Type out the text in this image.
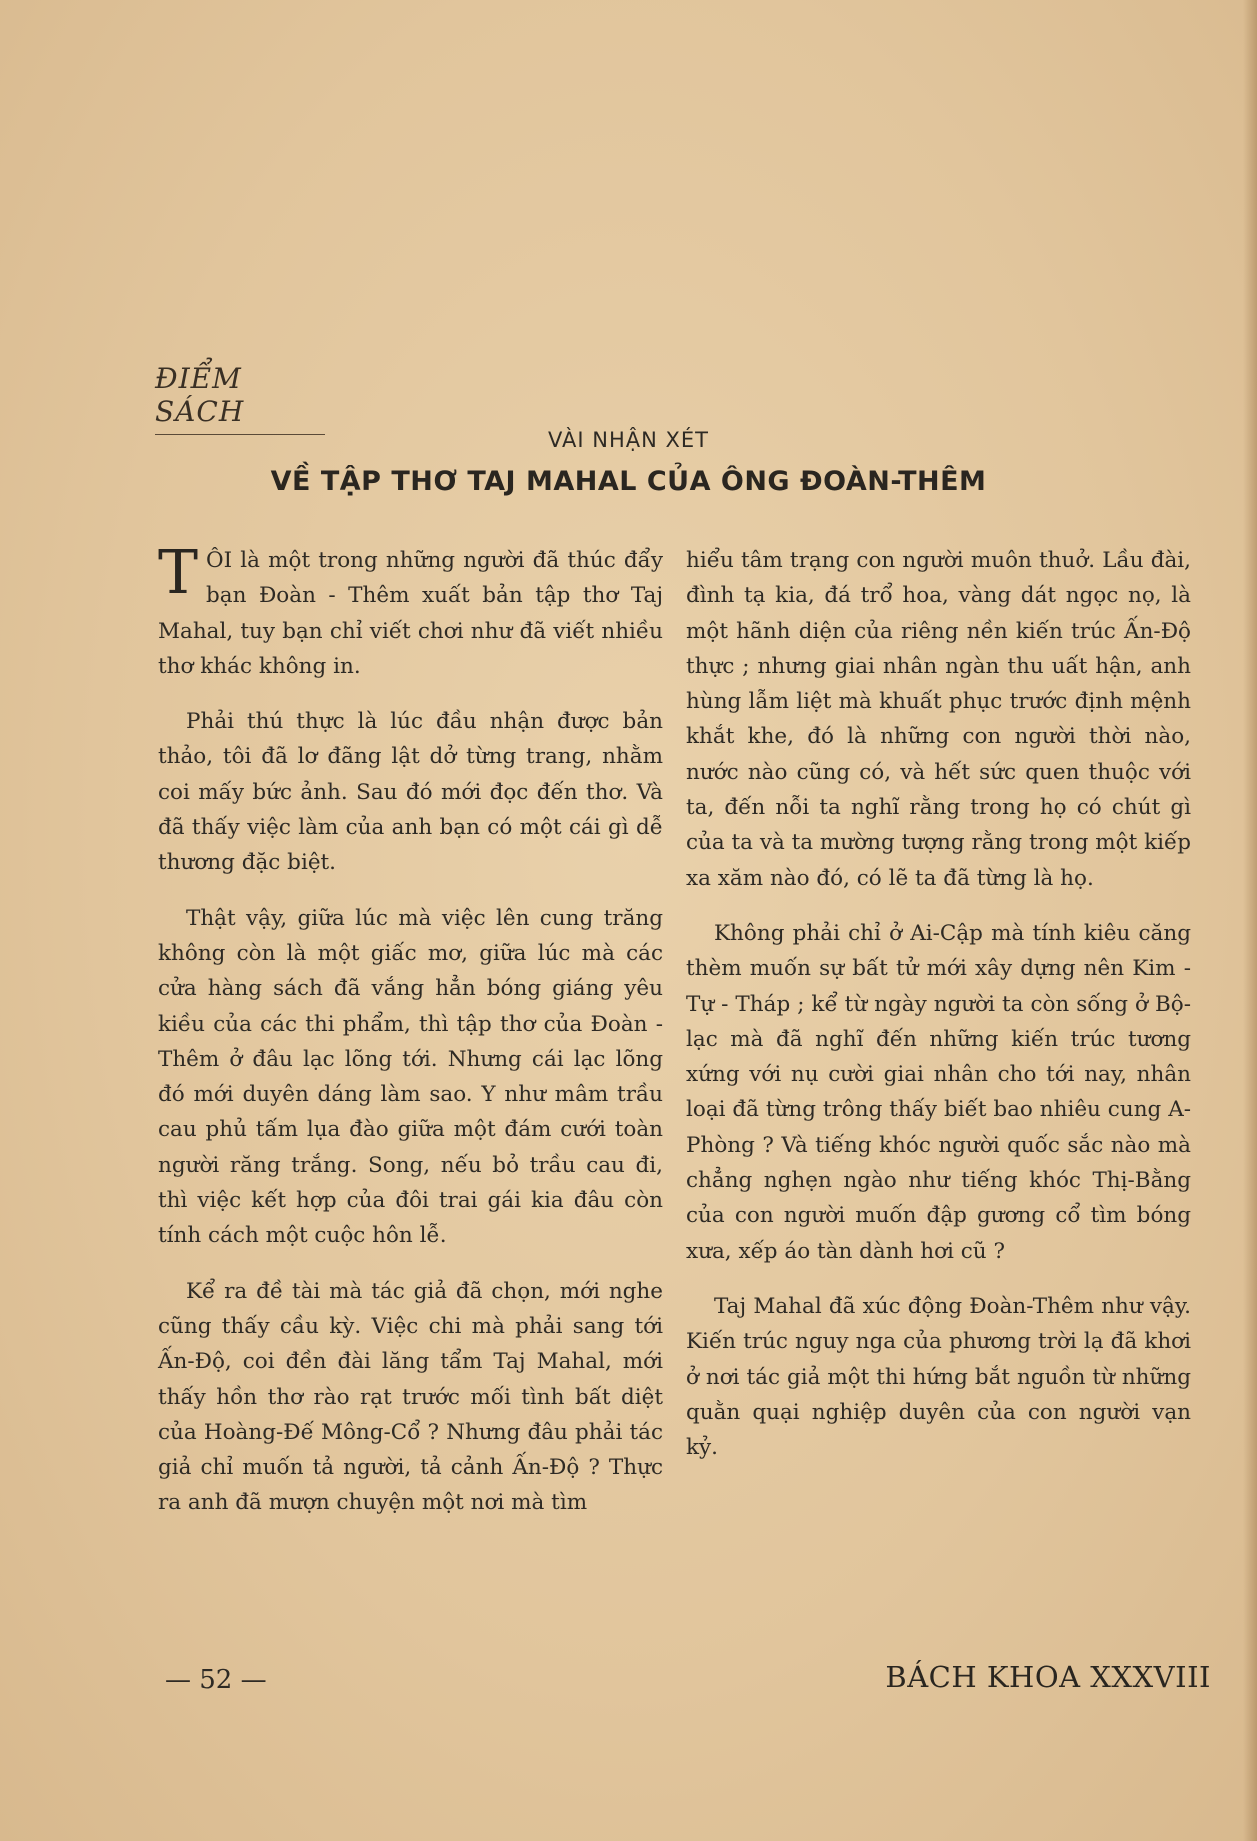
ĐIỂM SÁCH
VÀI NHẬN XÉT
VỀ TẬP THƠ TAJ MAHAL CỦA ÔNG ĐOÀN-THÊM

TÔI là một trong những người đã thúc đẩy bạn Đoàn - Thêm xuất bản tập thơ Taj Mahal, tuy bạn chỉ viết chơi như đã viết nhiều thơ khác không in.

Phải thú thực là lúc đầu nhận được bản thảo, tôi đã lơ đãng lật dở từng trang, nhằm coi mấy bức ảnh. Sau đó mới đọc đến thơ. Và đã thấy việc làm của anh bạn có một cái gì dễ thương đặc biệt.

Thật vậy, giữa lúc mà việc lên cung trăng không còn là một giấc mơ, giữa lúc mà các cửa hàng sách đã vắng hẳn bóng giáng yêu kiều của các thi phẩm, thì tập thơ của Đoàn - Thêm ở đâu lạc lõng tới. Nhưng cái lạc lõng đó mới duyên dáng làm sao. Y như mâm trầu cau phủ tấm lụa đào giữa một đám cưới toàn người răng trắng. Song, nếu bỏ trầu cau đi, thì việc kết hợp của đôi trai gái kia đâu còn tính cách một cuộc hôn lễ.

Kể ra đề tài mà tác giả đã chọn, mới nghe cũng thấy cầu kỳ. Việc chi mà phải sang tới Ấn-Độ, coi đền đài lăng tẩm Taj Mahal, mới thấy hồn thơ rào rạt trước mối tình bất diệt của Hoàng-Đế Mông-Cổ ? Nhưng đâu phải tác giả chỉ muốn tả người, tả cảnh Ấn-Độ ? Thực ra anh đã mượn chuyện một nơi mà tìm

hiểu tâm trạng con người muôn thuở. Lầu đài, đình tạ kia, đá trổ hoa, vàng dát ngọc nọ, là một hãnh diện của riêng nền kiến trúc Ấn-Độ thực ; nhưng giai nhân ngàn thu uất hận, anh hùng lẫm liệt mà khuất phục trước định mệnh khắt khe, đó là những con người thời nào, nước nào cũng có, và hết sức quen thuộc với ta, đến nỗi ta nghĩ rằng trong họ có chút gì của ta và ta mường tượng rằng trong một kiếp xa xăm nào đó, có lẽ ta đã từng là họ.

Không phải chỉ ở Ai-Cập mà tính kiêu căng thèm muốn sự bất tử mới xây dựng nên Kim - Tự - Tháp ; kể từ ngày người ta còn sống ở Bộ-lạc mà đã nghĩ đến những kiến trúc tương xứng với nụ cười giai nhân cho tới nay, nhân loại đã từng trông thấy biết bao nhiêu cung A-Phòng ? Và tiếng khóc người quốc sắc nào mà chẳng nghẹn ngào như tiếng khóc Thị-Bằng của con người muốn đập gương cổ tìm bóng xưa, xếp áo tàn dành hơi cũ ?

Taj Mahal đã xúc động Đoàn-Thêm như vậy. Kiến trúc nguy nga của phương trời lạ đã khơi ở nơi tác giả một thi hứng bắt nguồn từ những quằn quại nghiệp duyên của con người vạn kỷ.

— 52 —	BÁCH KHOA XXXVIII
